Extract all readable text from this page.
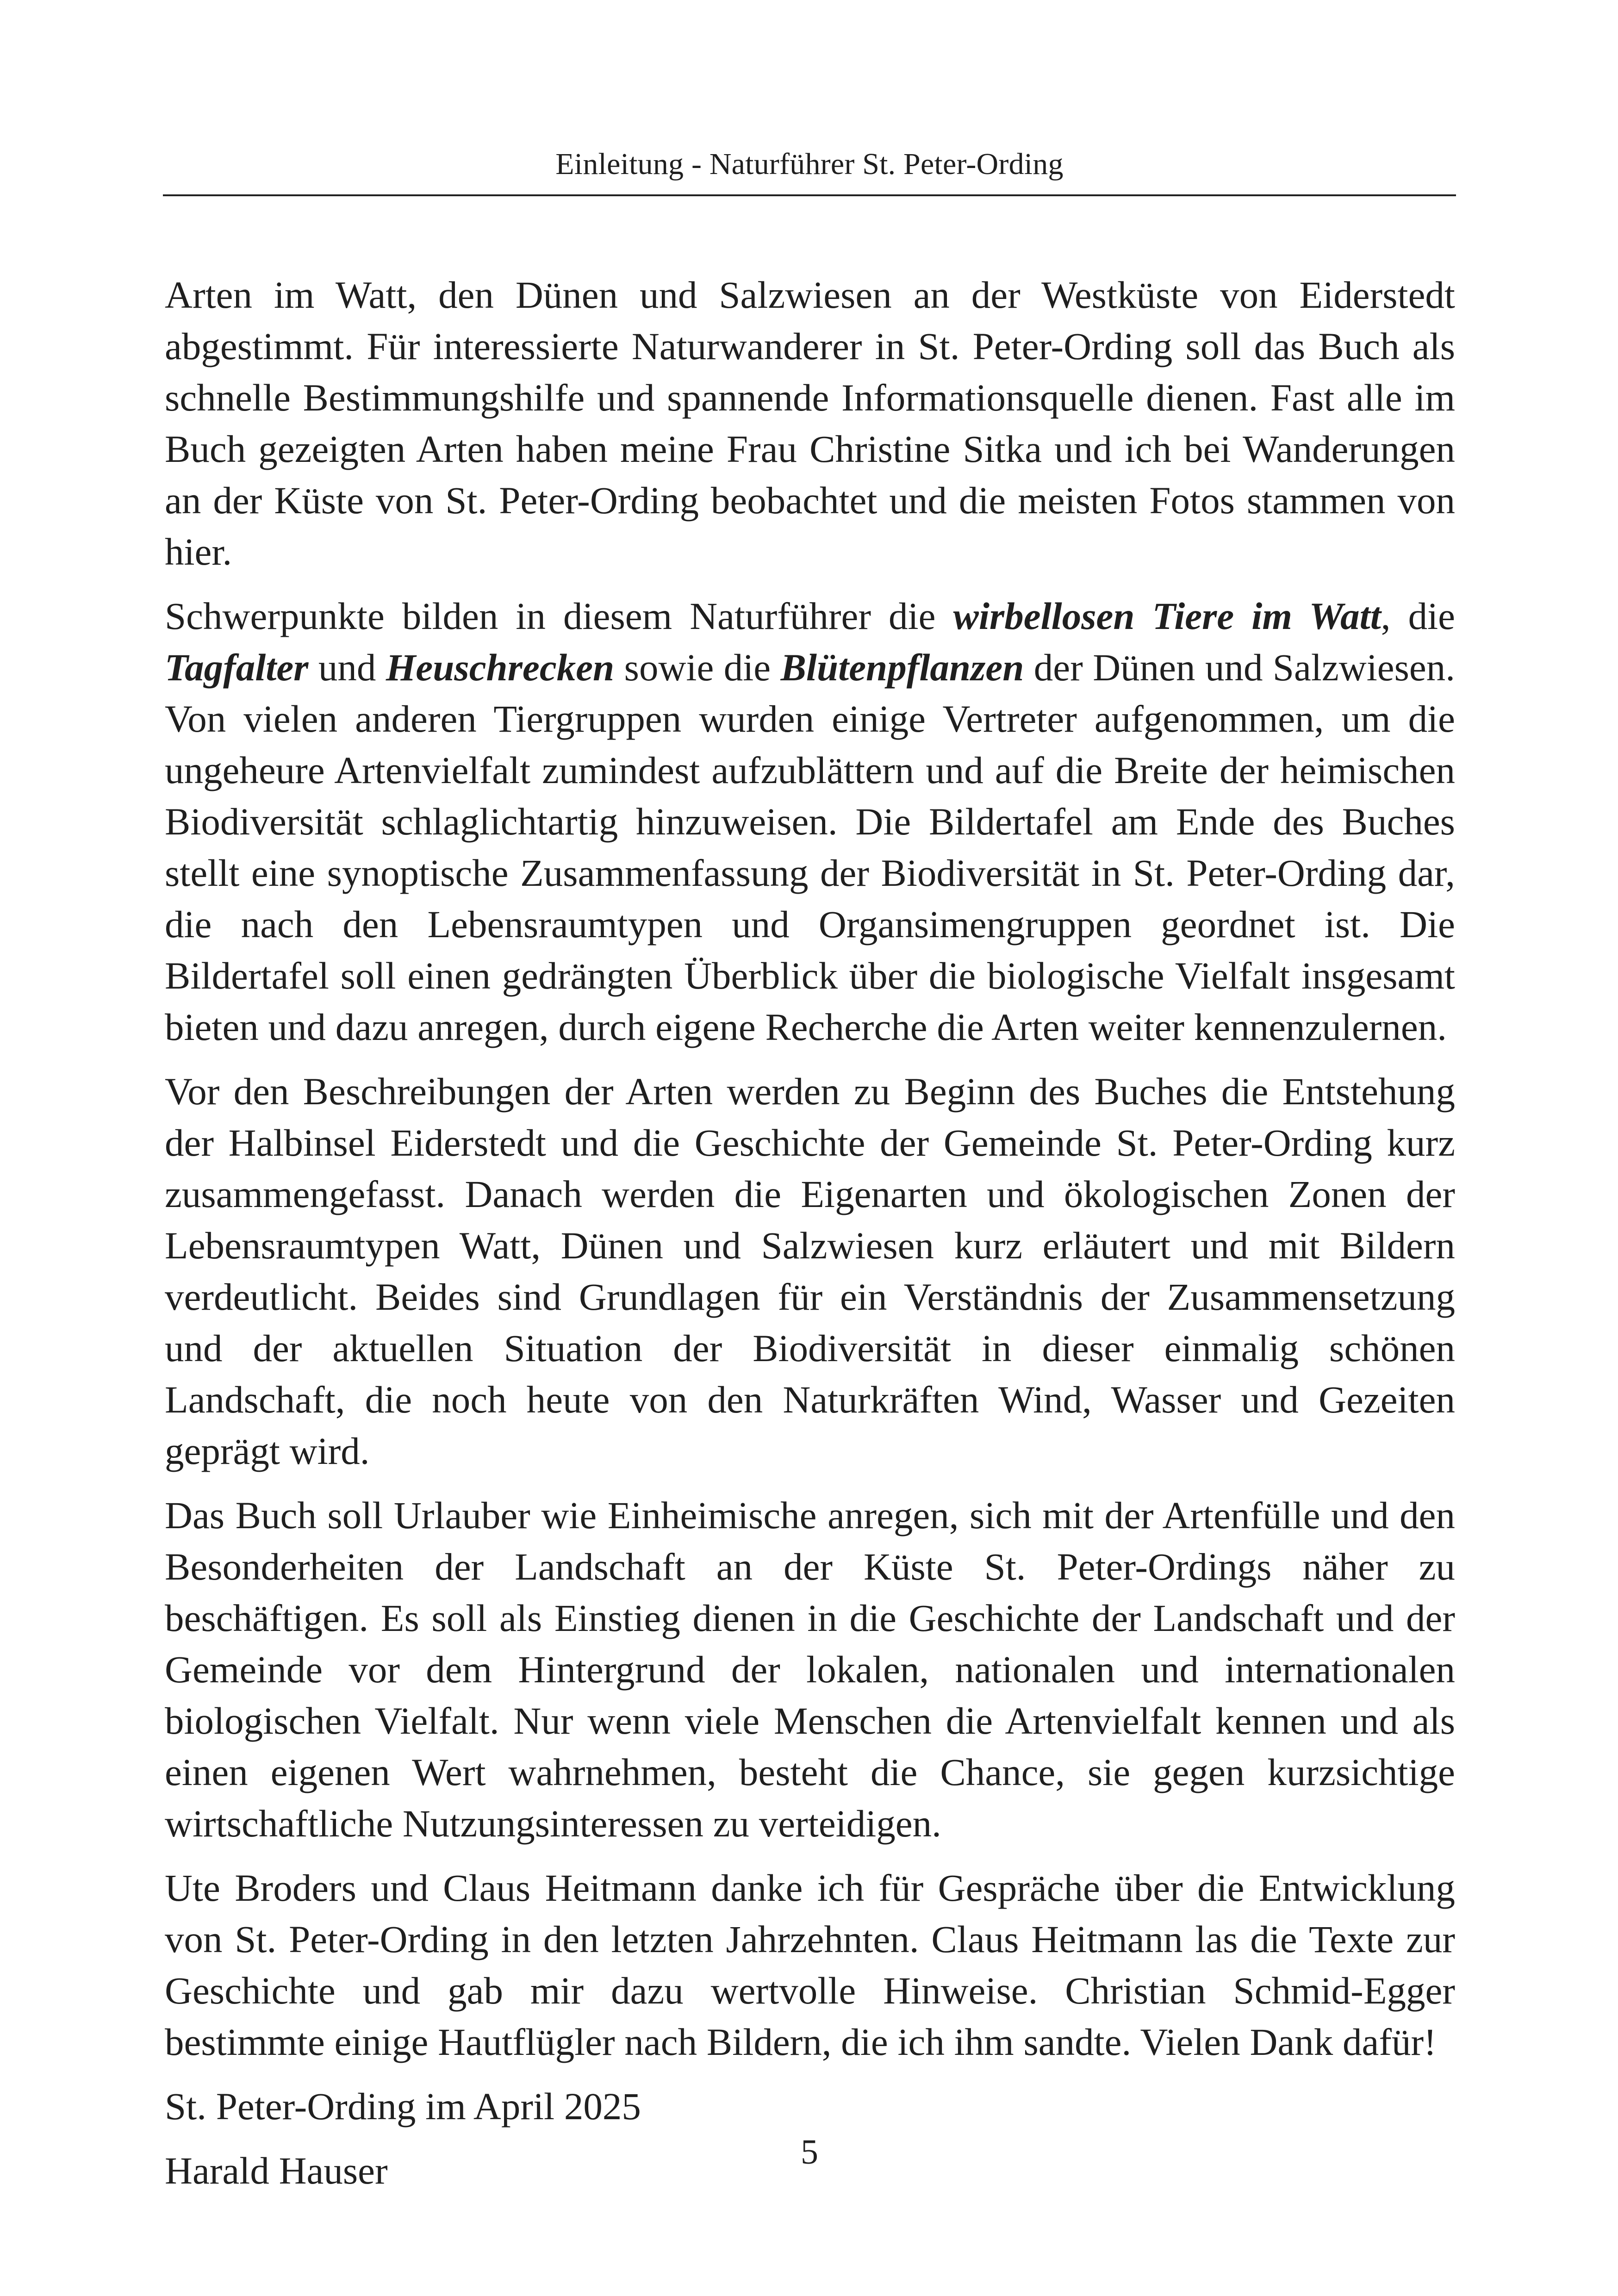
Einleitung - Naturführer St. Peter-Ording

Arten im Watt, den Dünen und Salzwiesen an der Westküste von Eiderstedt abgestimmt. Für interessierte Naturwanderer in St. Peter-Ording soll das Buch als schnelle Bestimmungshilfe und spannende Informationsquelle dienen. Fast alle im Buch gezeigten Arten haben meine Frau Christine Sitka und ich bei Wanderungen an der Küste von St. Peter-Ording beobachtet und die meisten Fotos stammen von hier.

Schwerpunkte bilden in diesem Naturführer die wirbellosen Tiere im Watt, die Tagfalter und Heuschrecken sowie die Blütenpflanzen der Dünen und Salzwiesen. Von vielen anderen Tiergruppen wurden einige Vertreter aufgenommen, um die ungeheure Artenvielfalt zumindest aufzublättern und auf die Breite der heimischen Biodiversität schlaglichtartig hinzuweisen. Die Bildertafel am Ende des Buches stellt eine synoptische Zusammenfassung der Biodiversität in St. Peter-Ording dar, die nach den Lebensraumtypen und Organsimengruppen geordnet ist. Die Bildertafel soll einen gedrängten Überblick über die biologische Vielfalt insgesamt bieten und dazu anregen, durch eigene Recherche die Arten weiter kennenzulernen.

Vor den Beschreibungen der Arten werden zu Beginn des Buches die Entstehung der Halbinsel Eiderstedt und die Geschichte der Gemeinde St. Peter-Ording kurz zusammengefasst. Danach werden die Eigenarten und ökologischen Zonen der Lebensraumtypen Watt, Dünen und Salzwiesen kurz erläutert und mit Bildern verdeutlicht. Beides sind Grundlagen für ein Verständnis der Zusammensetzung und der aktuellen Situation der Biodiversität in dieser einmalig schönen Landschaft, die noch heute von den Naturkräften Wind, Wasser und Gezeiten geprägt wird.

Das Buch soll Urlauber wie Einheimische anregen, sich mit der Artenfülle und den Besonderheiten der Landschaft an der Küste St. Peter-Ordings näher zu beschäftigen. Es soll als Einstieg dienen in die Geschichte der Landschaft und der Gemeinde vor dem Hintergrund der lokalen, nationalen und internationalen biologischen Vielfalt. Nur wenn viele Menschen die Artenvielfalt kennen und als einen eigenen Wert wahrnehmen, besteht die Chance, sie gegen kurzsichtige wirtschaftliche Nutzungsinteressen zu verteidigen.

Ute Broders und Claus Heitmann danke ich für Gespräche über die Entwicklung von St. Peter-Ording in den letzten Jahrzehnten. Claus Heitmann las die Texte zur Geschichte und gab mir dazu wertvolle Hinweise. Christian Schmid-Egger bestimmte einige Hautflügler nach Bildern, die ich ihm sandte. Vielen Dank dafür!

St. Peter-Ording im April 2025

Harald Hauser	5
